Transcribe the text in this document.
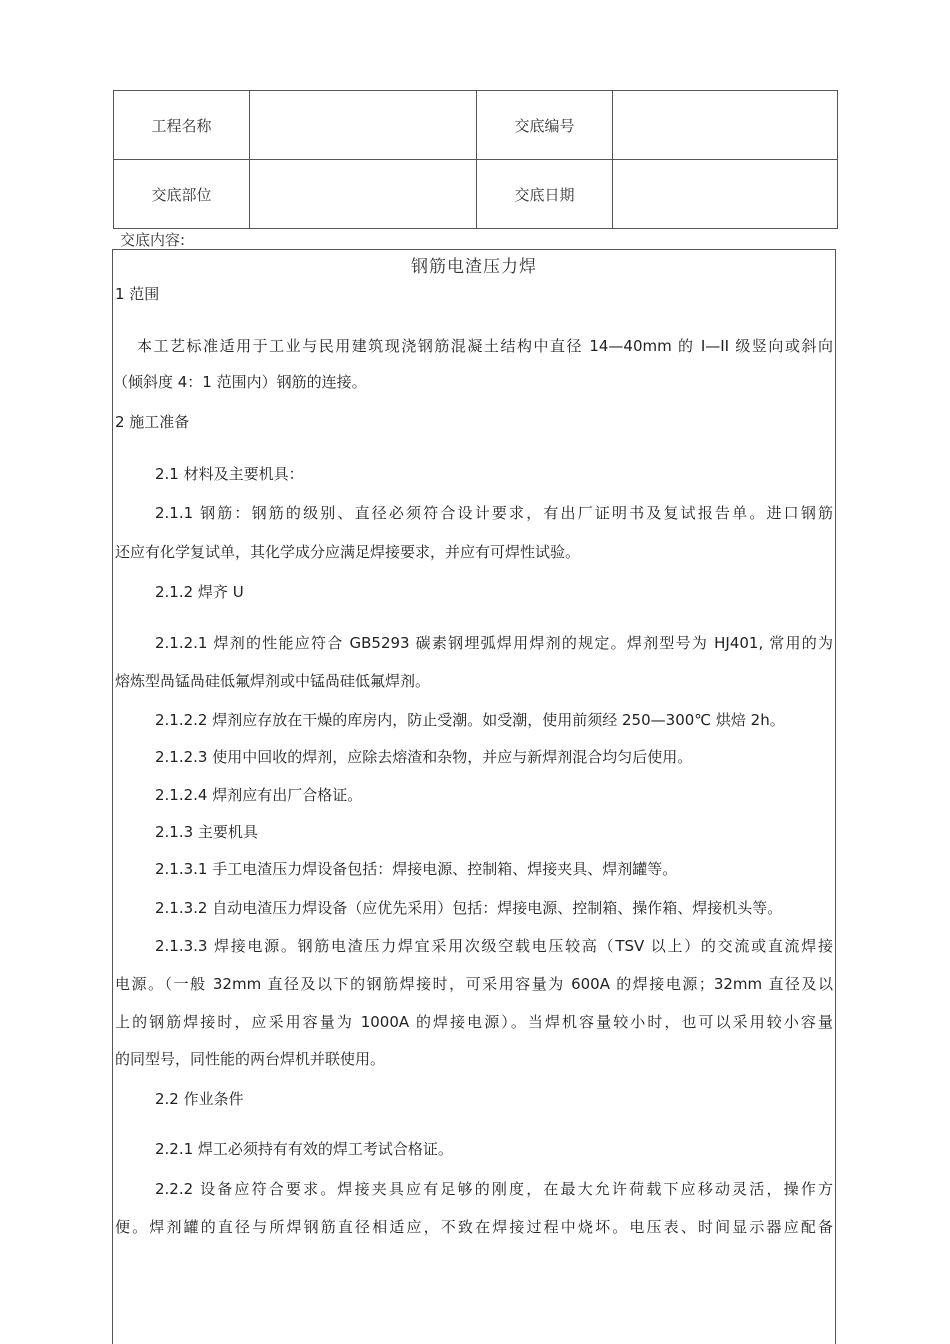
工程名称		交底编号	
交底部位		交底日期	
交底内容:
钢筋电渣压力焊
1 范围
本工艺标准适用于工业与民用建筑现浇钢筋混凝土结构中直径 14—40mm 的 I—II 级竖向或斜向
（倾斜度 4：1 范围内）钢筋的连接。
2 施工准备
2.1 材料及主要机具：
2.1.1 钢筋：钢筋的级别、直径必须符合设计要求，有出厂证明书及复试报告单。进口钢筋
还应有化学复试单，其化学成分应满足焊接要求，并应有可焊性试验。
2.1.2 焊齐 U
2.1.2.1 焊剂的性能应符合 GB5293 碳素钢埋弧焊用焊剂的规定。焊剂型号为 HJ401, 常用的为
熔炼型咼锰咼硅低氟焊剂或中锰咼硅低氟焊剂。
2.1.2.2 焊剂应存放在干燥的库房内，防止受潮。如受潮，使用前须经 250—300℃ 烘焙 2h。
2.1.2.3 使用中回收的焊剂，应除去熔渣和杂物，并应与新焊剂混合均匀后使用。
2.1.2.4 焊剂应有出厂合格证。
2.1.3 主要机具
2.1.3.1 手工电渣压力焊设备包括：焊接电源、控制箱、焊接夹具、焊剂罐等。
2.1.3.2 自动电渣压力焊设备（应优先采用）包括：焊接电源、控制箱、操作箱、焊接机头等。
2.1.3.3 焊接电源。钢筋电渣压力焊宜采用次级空载电压较高（TSV 以上）的交流或直流焊接
电源。（一般 32mm 直径及以下的钢筋焊接时，可采用容量为 600A 的焊接电源；32mm 直径及以
上的钢筋焊接时，应采用容量为 1000A 的焊接电源）。当焊机容量较小时，也可以采用较小容量
的同型号，同性能的两台焊机并联使用。
2.2 作业条件
2.2.1 焊工必须持有有效的焊工考试合格证。
2.2.2 设备应符合要求。焊接夹具应有足够的刚度，在最大允许荷载下应移动灵活，操作方
便。焊剂罐的直径与所焊钢筋直径相适应，不致在焊接过程中烧坏。电压表、时间显示器应配备
